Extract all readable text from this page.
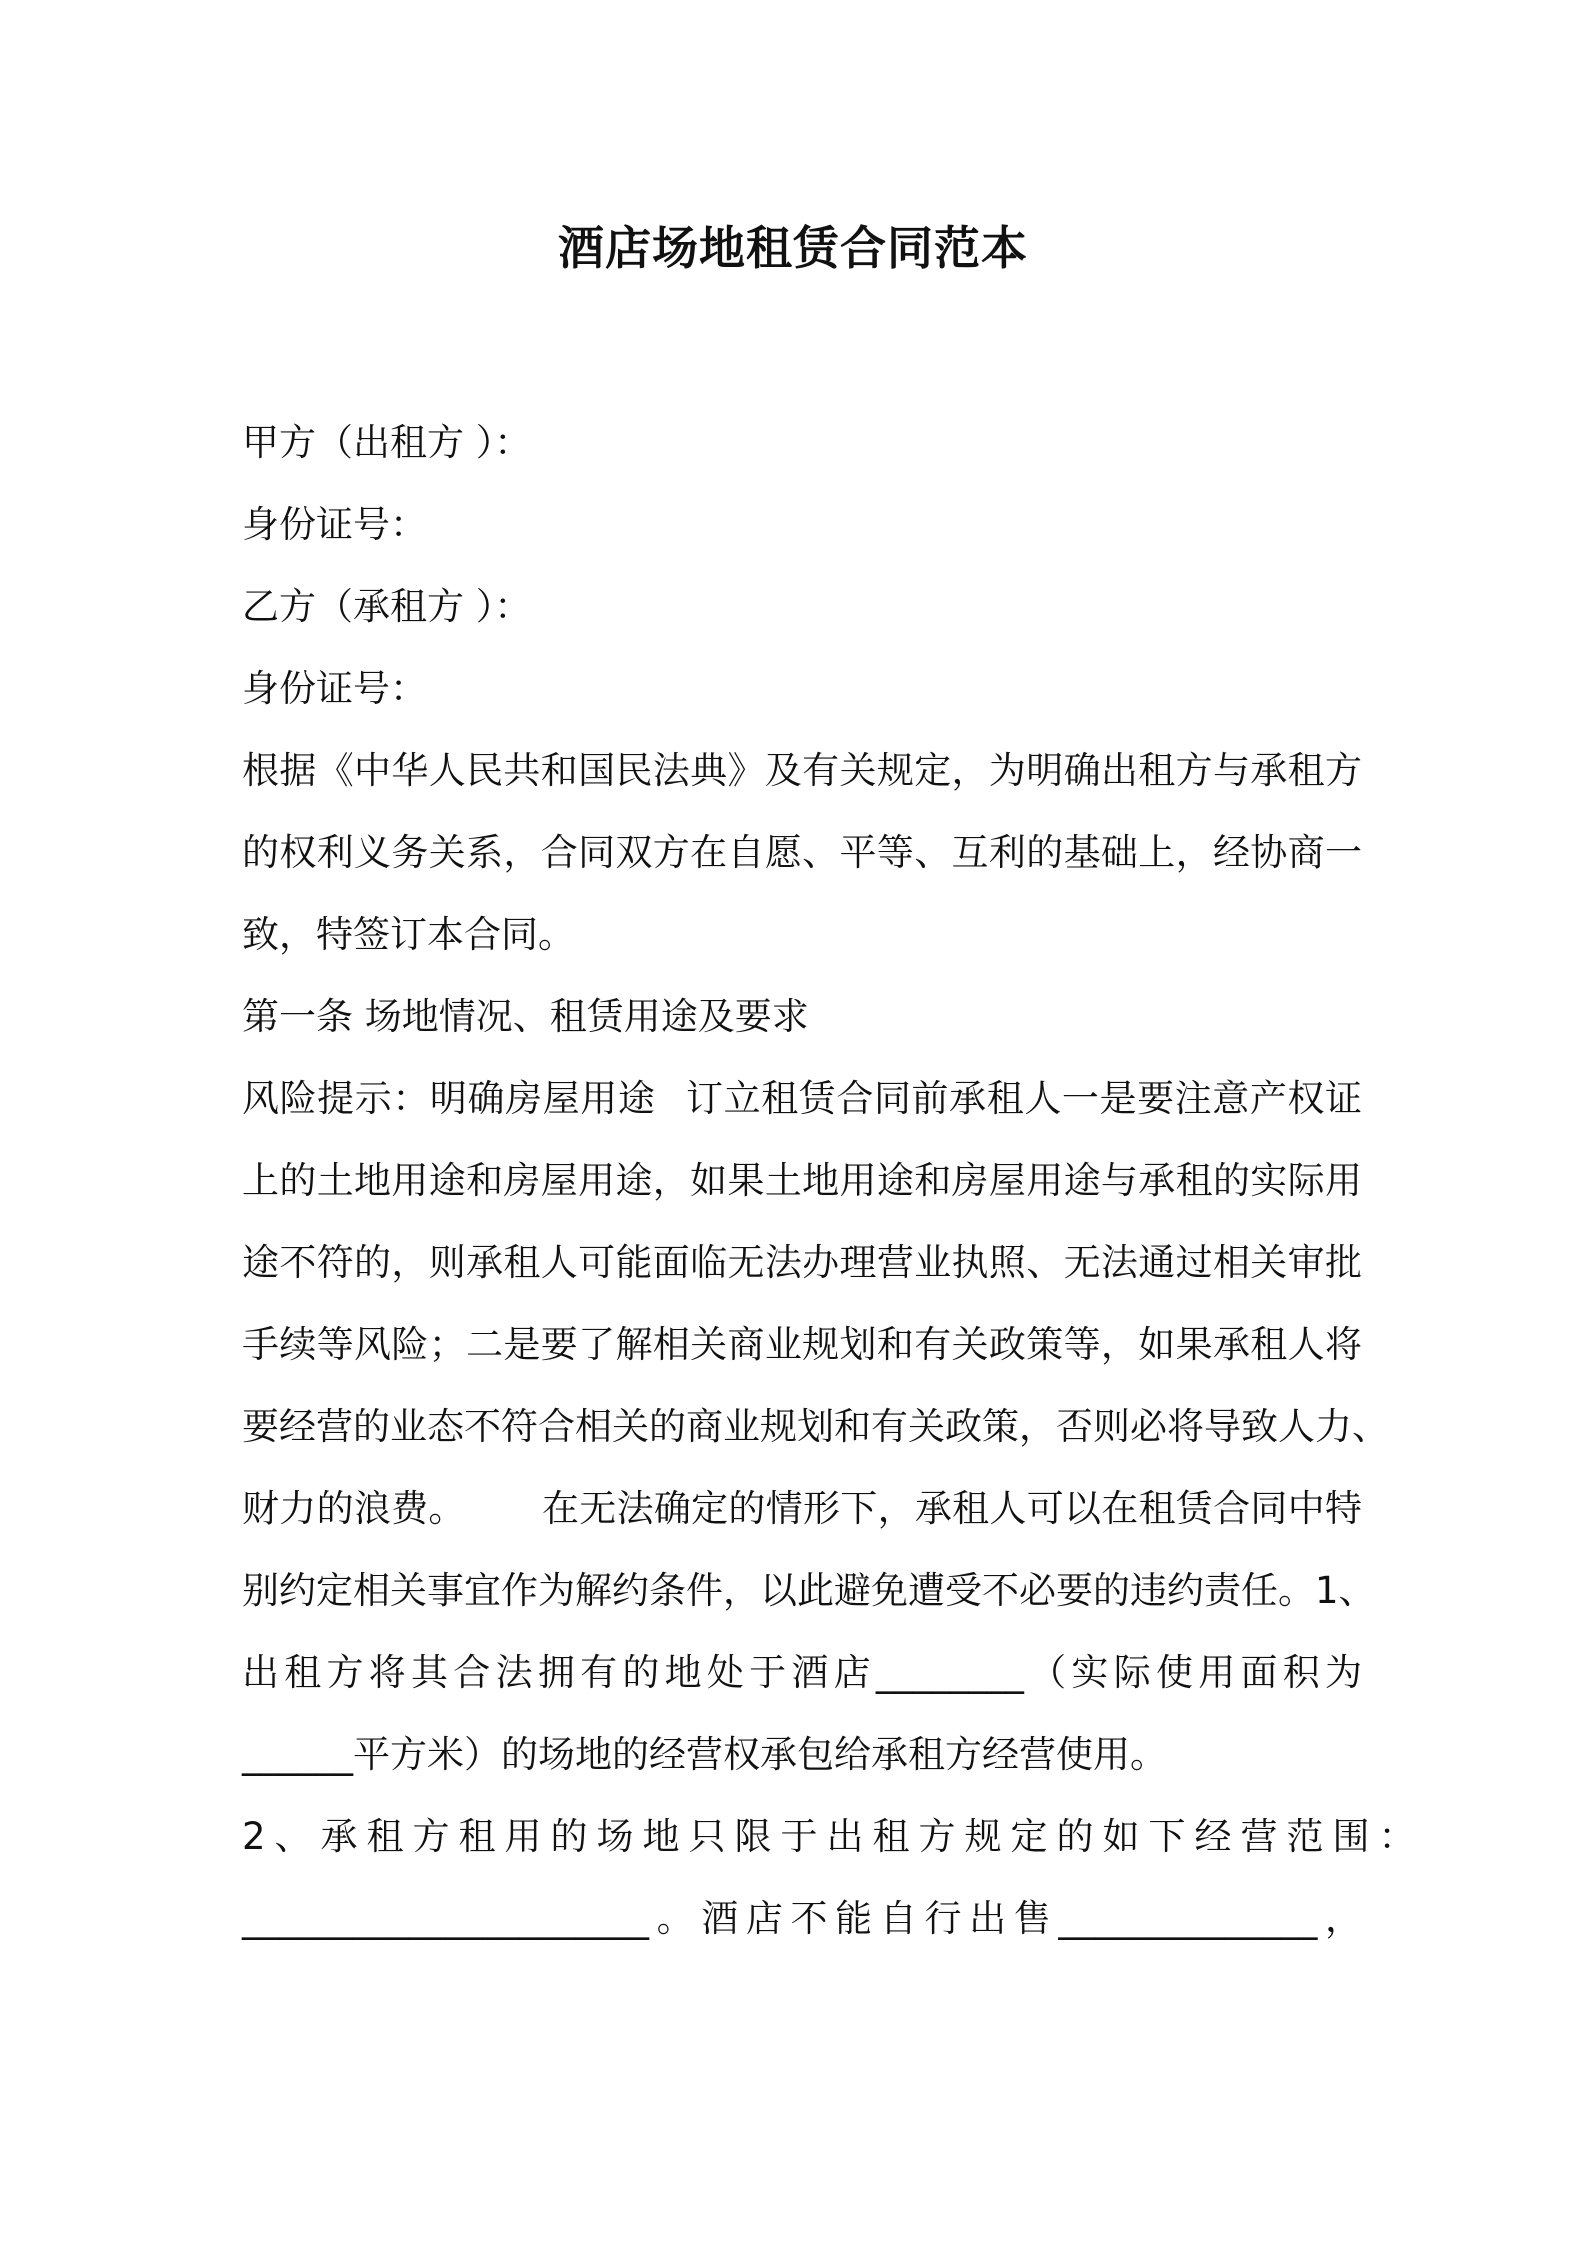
酒店场地租赁合同范本

甲方（出租方 ）：

身份证号：

乙方（承租方 ）：

身份证号：

根据《中华人民共和国民法典》及有关规定，为明确出租方与承租方

的权利义务关系，合同双方在自愿、平等、互利的基础上，经协商一

致，特签订本合同。

第一条 场地情况、租赁用途及要求

风险提示：明确房屋用途 订立租赁合同前承租人一是要注意产权证

上的土地用途和房屋用途，如果土地用途和房屋用途与承租的实际用

途不符的，则承租人可能面临无法办理营业执照、无法通过相关审批

手续等风险；二是要了解相关商业规划和有关政策等，如果承租人将

要经营的业态不符合相关的商业规划和有关政策，否则必将导致人力、

财力的浪费。 在无法确定的情形下，承租人可以在租赁合同中特

别约定相关事宜作为解约条件，以此避免遭受不必要的违约责任。1、

出租方将其合法拥有的地处于酒店________（实际使用面积为

______平方米）的场地的经营权承包给承租方经营使用。

2、承租方租用的场地只限于出租方规定的如下经营范围：

______________________。酒店不能自行出售______________，
